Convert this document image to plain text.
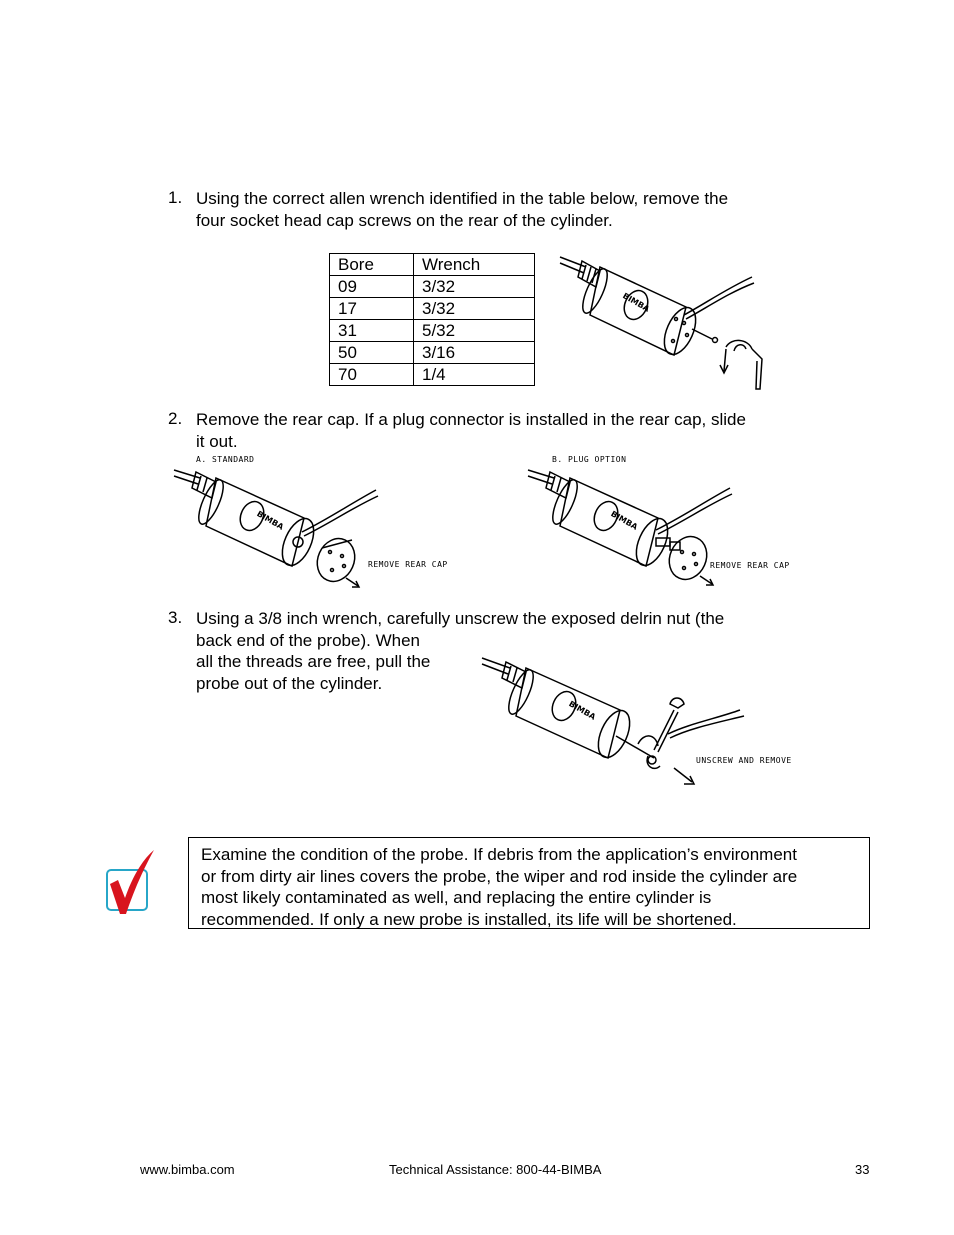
1. Using the correct allen wrench identified in the table below, remove the
four socket head cap screws on the rear of the cylinder.
Bore	Wrench
09	3/32
17	3/32
31	5/32
50	3/16
70	1/4
BIMBA
2. Remove the rear cap. If a plug connector is installed in the rear cap, slide
it out.
A. STANDARD
BIMBA
REMOVE REAR CAP
B. PLUG OPTION
BIMBA
REMOVE REAR CAP
3. Using a 3/8 inch wrench, carefully unscrew the exposed delrin nut (the
back end of the probe). When
all the threads are free, pull the
probe out of the cylinder.
BIMBA
UNSCREW AND REMOVE
Examine the condition of the probe. If debris from the application’s environment
or from dirty air lines covers the probe, the wiper and rod inside the cylinder are
most likely contaminated as well, and replacing the entire cylinder is
recommended. If only a new probe is installed, its life will be shortened.
www.bimba.com	Technical Assistance: 800-44-BIMBA	33
